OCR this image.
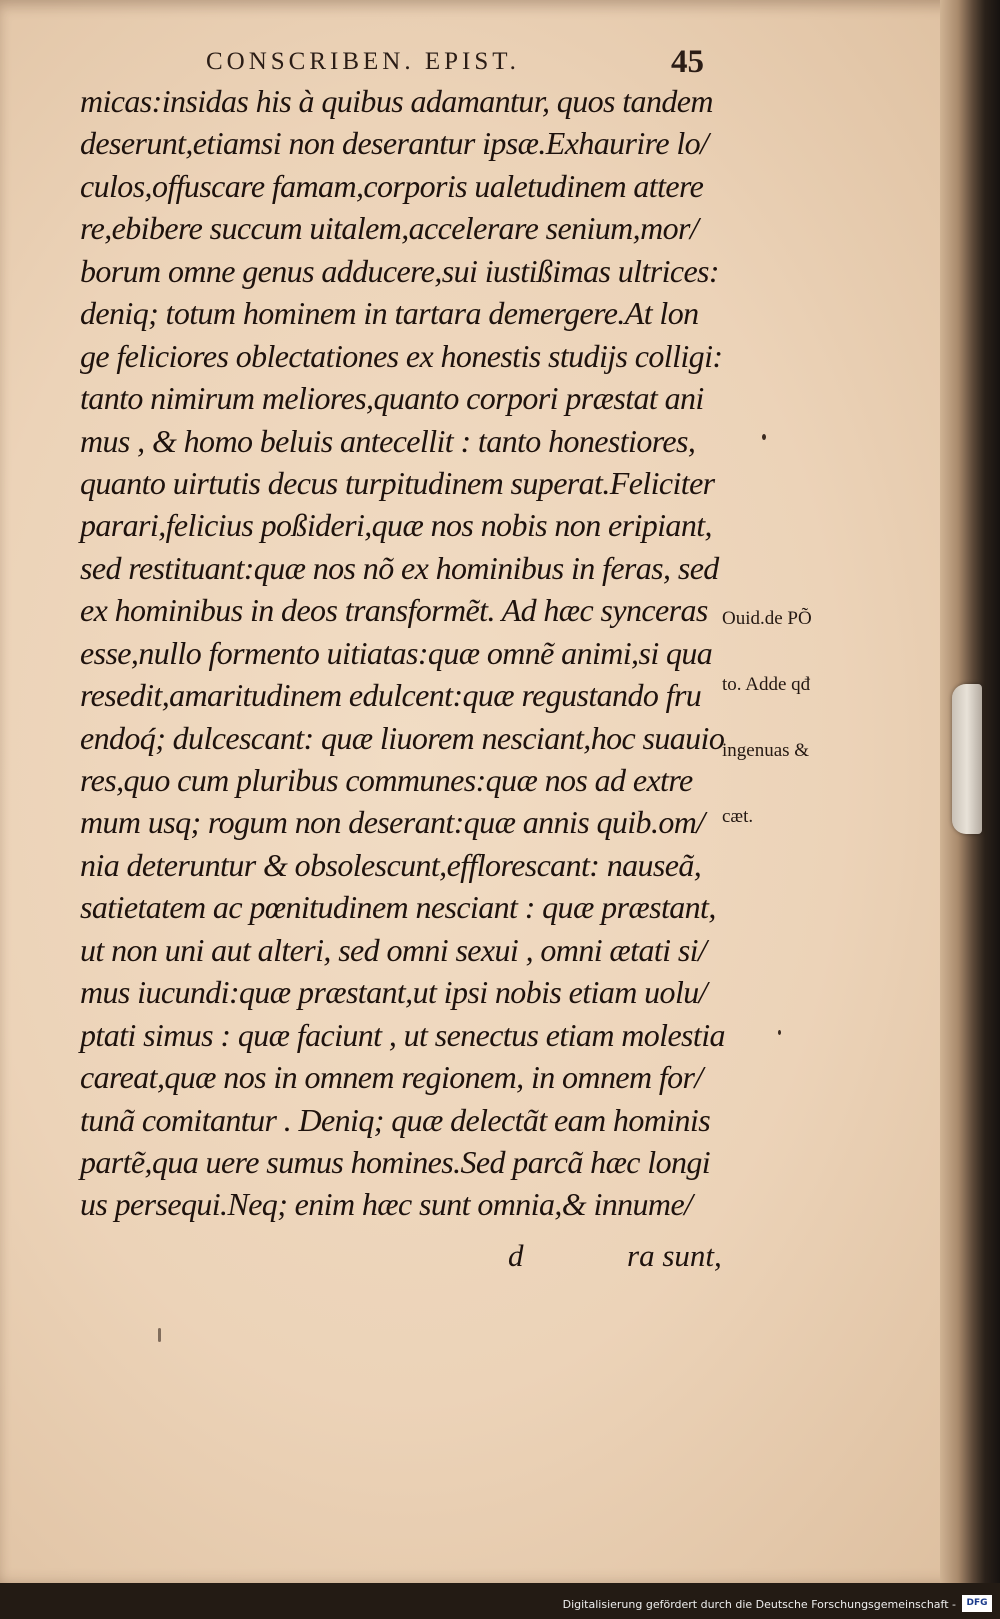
CONSCRIBEN. EPIST.	45
micas:insidas his à quibus adamantur, quos tandem
deserunt,etiamsi non deserantur ipsæ.Exhaurire lo/
culos,offuscare famam,corporis ualetudinem attere
re,ebibere succum uitalem,accelerare senium,mor/
borum omne genus adducere,sui iustißimas ultrices:
deniq; totum hominem in tartara demergere.At lon
ge feliciores oblectationes ex honestis studijs colligi:
tanto nimirum meliores,quanto corpori præstat ani
mus , & homo beluis antecellit : tanto honestiores,
quanto uirtutis decus turpitudinem superat.Feliciter
parari,felicius poßideri,quæ nos nobis non eripiant,
sed restituant:quæ nos nõ ex hominibus in feras, sed
ex hominibus in deos transformẽt. Ad hæc synceras
esse,nullo formento uitiatas:quæ omnẽ animi,si qua
resedit,amaritudinem edulcent:quæ regustando fru
endoq́; dulcescant: quæ liuorem nesciant,hoc suauio
res,quo cum pluribus communes:quæ nos ad extre
mum usq; rogum non deserant:quæ annis quib.om/
nia deteruntur & obsolescunt,efflorescant: nauseã,
satietatem ac pœnitudinem nesciant : quæ præstant,
ut non uni aut alteri, sed omni sexui , omni ætati si/
mus iucundi:quæ præstant,ut ipsi nobis etiam uolu/
ptati simus : quæ faciunt , ut senectus etiam molestia
careat,quæ nos in omnem regionem, in omnem for/
tunã comitantur . Deniq; quæ delectãt eam hominis
partẽ,qua uere sumus homines.Sed parcã hæc longi
us persequi.Neq; enim hæc sunt omnia,& innume/
d	ra sunt,

Ouid.de PÕ

to. Adde qđ

ingenuas &

cæt.

Digitalisierung gefördert durch die Deutsche Forschungsgemeinschaft -	DFG
